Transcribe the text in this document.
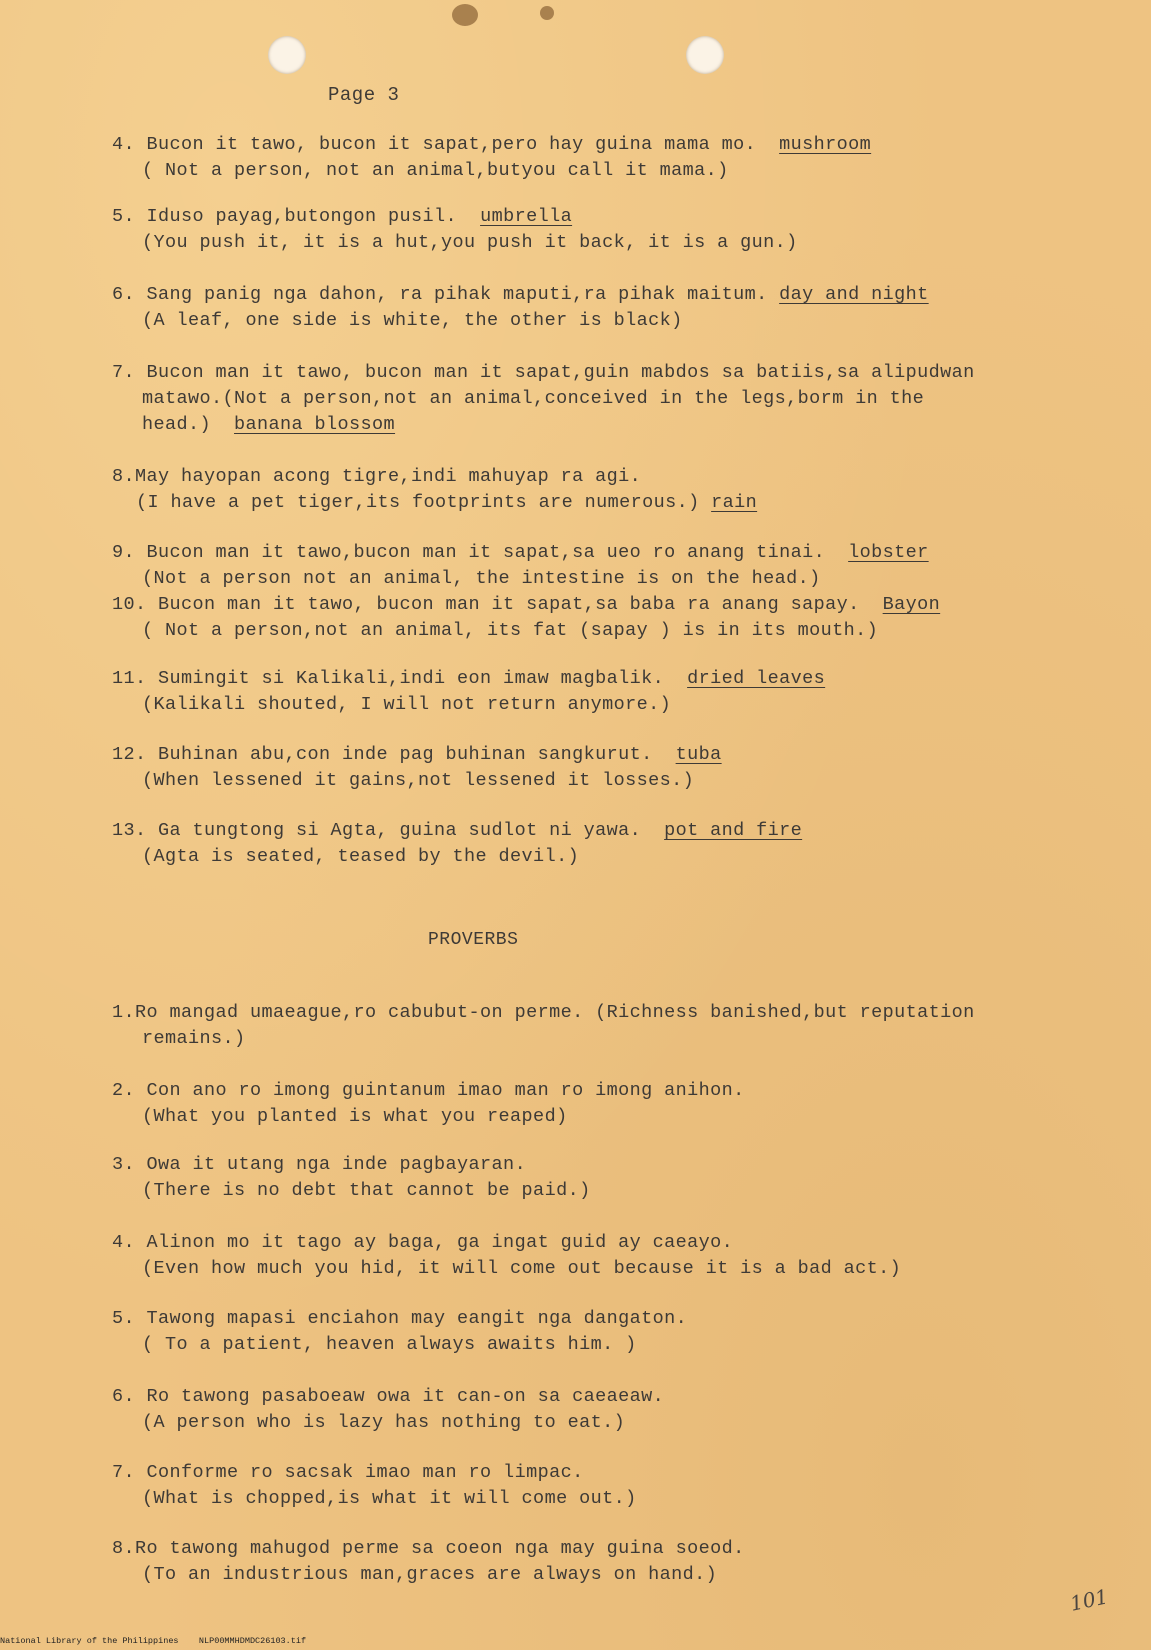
Page 3
4. Bucon it tawo, bucon it sapat,pero hay guina mama mo. mushroom
( Not a person, not an animal,butyou call it mama.)
5. Iduso payag,butongon pusil. umbrella
(You push it, it is a hut,you push it back, it is a gun.)
6. Sang panig nga dahon, ra pihak maputi,ra pihak maitum. day and night
(A leaf, one side is white, the other is black)
7. Bucon man it tawo, bucon man it sapat,guin mabdos sa batiis,sa alipudwan
matawo.(Not a person,not an animal,conceived in the legs,borm in the
head.) banana blossom
8.May hayopan acong tigre,indi mahuyap ra agi.
(I have a pet tiger,its footprints are numerous.) rain
9. Bucon man it tawo,bucon man it sapat,sa ueo ro anang tinai. lobster
(Not a person not an animal, the intestine is on the head.)
10. Bucon man it tawo, bucon man it sapat,sa baba ra anang sapay. Bayon
( Not a person,not an animal, its fat (sapay ) is in its mouth.)
11. Sumingit si Kalikali,indi eon imaw magbalik. dried leaves
(Kalikali shouted, I will not return anymore.)
12. Buhinan abu,con inde pag buhinan sangkurut. tuba
(When lessened it gains,not lessened it losses.)
13. Ga tungtong si Agta, guina sudlot ni yawa. pot and fire
(Agta is seated, teased by the devil.)
PROVERBS
1.Ro mangad umaeague,ro cabubut-on perme. (Richness banished,but reputation
remains.)
2. Con ano ro imong guintanum imao man ro imong anihon.
(What you planted is what you reaped)
3. Owa it utang nga inde pagbayaran.
(There is no debt that cannot be paid.)
4. Alinon mo it tago ay baga, ga ingat guid ay caeayo.
(Even how much you hid, it will come out because it is a bad act.)
5. Tawong mapasi enciahon may eangit nga dangaton.
( To a patient, heaven always awaits him. )
6. Ro tawong pasaboeaw owa it can-on sa caeaeaw.
(A person who is lazy has nothing to eat.)
7. Conforme ro sacsak imao man ro limpac.
(What is chopped,is what it will come out.)
8.Ro tawong mahugod perme sa coeon nga may guina soeod.
(To an industrious man,graces are always on hand.)
101
National Library of the Philippines    NLP00MMHDMDC26103.tif
